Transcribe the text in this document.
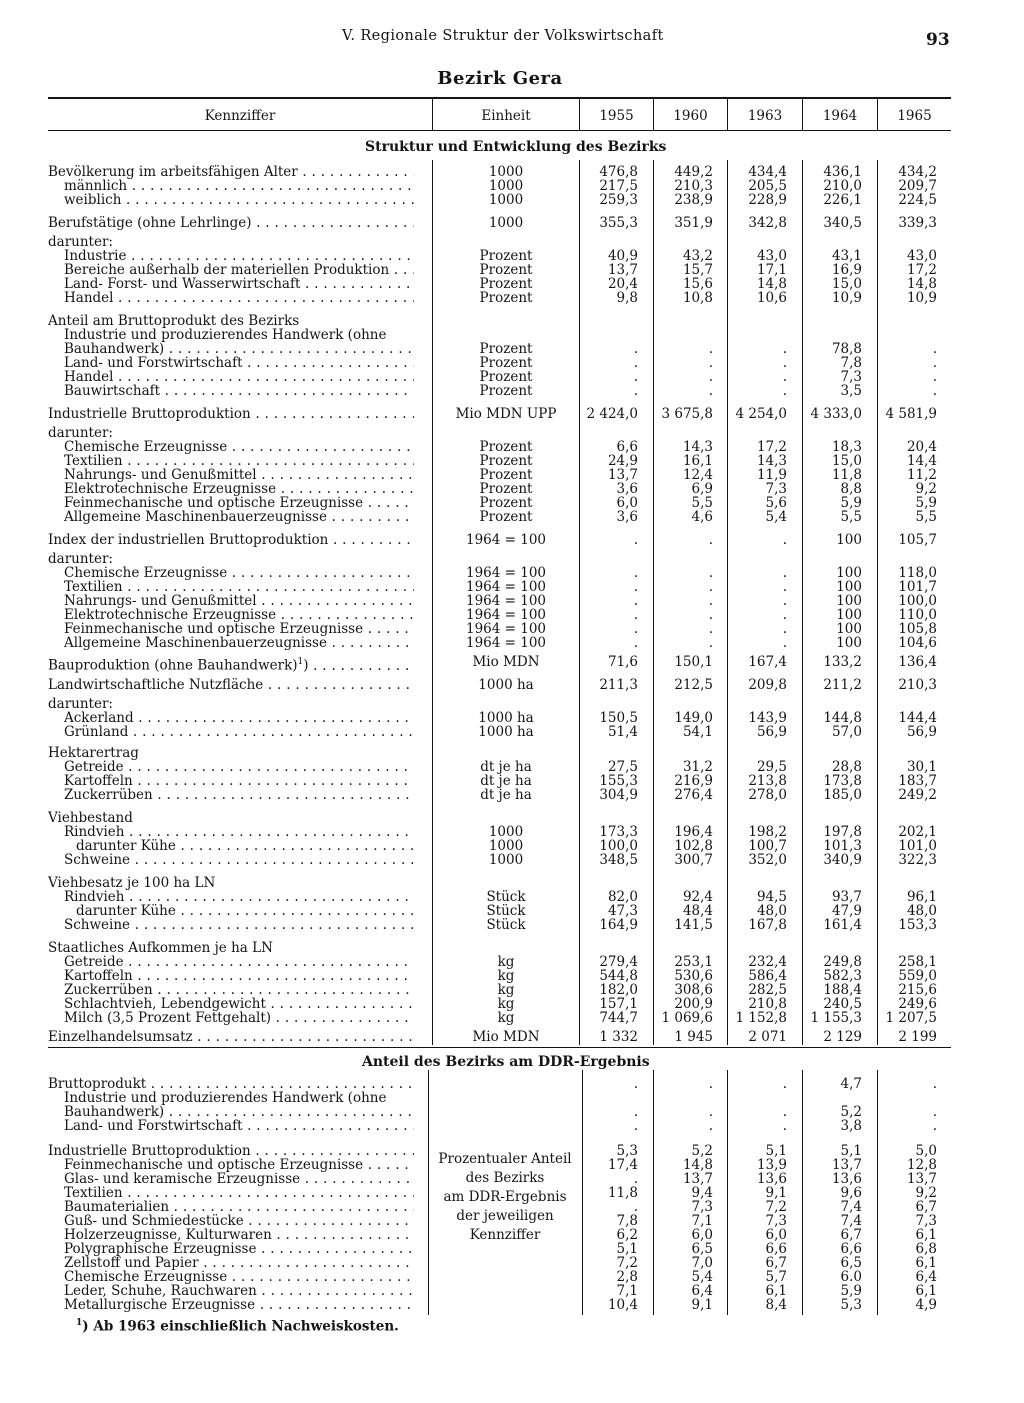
V. Regionale Struktur der Volkswirtschaft	93
Bezirk Gera
Kennziffer	Einheit	1955	1960	1963	1964	1965
Struktur und Entwicklung des Bezirks
Anteil des Bezirks am DDR-Ergebnis
Bevölkerung im arbeitsfähigen Alter . . .	1000	476,8	449,2	434,4	436,1	434,2
männlich . . .	1000	217,5	210,3	205,5	210,0	209,7
weiblich . . .	1000	259,3	238,9	228,9	226,1	224,5
Berufstätige (ohne Lehrlinge) . . .	1000	355,3	351,9	342,8	340,5	339,3
darunter:
Industrie . . .	Prozent	40,9	43,2	43,0	43,1	43,0
Bereiche außerhalb der materiellen Produktion . . .	Prozent	13,7	15,7	17,1	16,9	17,2
Land- Forst- und Wasserwirtschaft . . .	Prozent	20,4	15,6	14,8	15,0	14,8
Handel . . .	Prozent	9,8	10,8	10,6	10,9	10,9
Anteil am Bruttoprodukt des Bezirks
Industrie und produzierendes Handwerk (ohne
Bauhandwerk) . . .	Prozent	.	.	.	78,8	.
Land- und Forstwirtschaft . . .	Prozent	.	.	.	7,8	.
Handel . . .	Prozent	.	.	.	7,3	.
Bauwirtschaft . . .	Prozent	.	.	.	3,5	.
Industrielle Bruttoproduktion . . .	Mio MDN UPP	2 424,0	3 675,8	4 254,0	4 333,0	4 581,9
darunter:
Chemische Erzeugnisse . . .	Prozent	6,6	14,3	17,2	18,3	20,4
Textilien . . .	Prozent	24,9	16,1	14,3	15,0	14,4
Nahrungs- und Genußmittel . . .	Prozent	13,7	12,4	11,9	11,8	11,2
Elektrotechnische Erzeugnisse . . .	Prozent	3,6	6,9	7,3	8,8	9,2
Feinmechanische und optische Erzeugnisse . . .	Prozent	6,0	5,5	5,6	5,9	5,9
Allgemeine Maschinenbauerzeugnisse . . .	Prozent	3,6	4,6	5,4	5,5	5,5
Index der industriellen Bruttoproduktion . . .	1964 = 100	.	.	.	100	105,7
darunter:
Chemische Erzeugnisse . . .	1964 = 100	.	.	.	100	118,0
Textilien . . .	1964 = 100	.	.	.	100	101,7
Nahrungs- und Genußmittel . . .	1964 = 100	.	.	.	100	100,0
Elektrotechnische Erzeugnisse . . .	1964 = 100	.	.	.	100	110,0
Feinmechanische und optische Erzeugnisse . . .	1964 = 100	.	.	.	100	105,8
Allgemeine Maschinenbauerzeugnisse . . .	1964 = 100	.	.	.	100	104,6
Bauproduktion (ohne Bauhandwerk)$^1$) . . .	Mio MDN	71,6	150,1	167,4	133,2	136,4
Landwirtschaftliche Nutzfläche . . .	1000 ha	211,3	212,5	209,8	211,2	210,3
darunter:
Ackerland . . .	1000 ha	150,5	149,0	143,9	144,8	144,4
Grünland . . .	1000 ha	51,4	54,1	56,9	57,0	56,9
Hektarertrag
Getreide . . .	dt je ha	27,5	31,2	29,5	28,8	30,1
Kartoffeln . . .	dt je ha	155,3	216,9	213,8	173,8	183,7
Zuckerrüben . . .	dt je ha	304,9	276,4	278,0	185,0	249,2
Viehbestand
Rindvieh . . .	1000	173,3	196,4	198,2	197,8	202,1
darunter Kühe . . .	1000	100,0	102,8	100,7	101,3	101,0
Schweine . . .	1000	348,5	300,7	352,0	340,9	322,3
Viehbesatz je 100 ha LN
Rindvieh . . .	Stück	82,0	92,4	94,5	93,7	96,1
darunter Kühe . . .	Stück	47,3	48,4	48,0	47,9	48,0
Schweine . . .	Stück	164,9	141,5	167,8	161,4	153,3
Staatliches Aufkommen je ha LN
Getreide . . .	kg	279,4	253,1	232,4	249,8	258,1
Kartoffeln . . .	kg	544,8	530,6	586,4	582,3	559,0
Zuckerrüben . . .	kg	182,0	308,6	282,5	188,4	215,6
Schlachtvieh, Lebendgewicht . . .	kg	157,1	200,9	210,8	240,5	249,6
Milch (3,5 Prozent Fettgehalt) . . .	kg	744,7	1 069,6	1 152,8	1 155,3	1 207,5
Einzelhandelsumsatz . . .	Mio MDN	1 332	1 945	2 071	2 129	2 199
Bruttoprodukt . . .	.	.	.	4,7	.
Industrie und produzierendes Handwerk (ohne
Bauhandwerk) . . .	.	.	.	5,2	.
Land- und Forstwirtschaft . . .	.	.	.	3,8	.
Industrielle Bruttoproduktion . . .	5,3	5,2	5,1	5,1	5,0
Feinmechanische und optische Erzeugnisse . . .	17,4	14,8	13,9	13,7	12,8
Glas- und keramische Erzeugnisse . . .	.	13,7	13,6	13,6	13,7
Textilien . . .	11,8	9,4	9,1	9,6	9,2
Baumaterialien . . .	.	7,3	7,2	7,4	6,7
Guß- und Schmiedestücke . . .	7,8	7,1	7,3	7,4	7,3
Holzerzeugnisse, Kulturwaren . . .	6,2	6,0	6,0	6,7	6,1
Polygraphische Erzeugnisse . . .	5,1	6,5	6,6	6,6	6,8
Zellstoff und Papier . . .	7,2	7,0	6,7	6,5	6,1
Chemische Erzeugnisse . . .	2,8	5,4	5,7	6.0	6,4
Leder, Schuhe, Rauchwaren . . .	7,1	6,4	6,1	5,9	6,1
Metallurgische Erzeugnisse . . .	10,4	9,1	8,4	5,3	4,9
Prozentualer Anteil
des Bezirks
am DDR-Ergebnis
der jeweiligen
Kennziffer
$^1$) Ab 1963 einschließlich Nachweiskosten.
